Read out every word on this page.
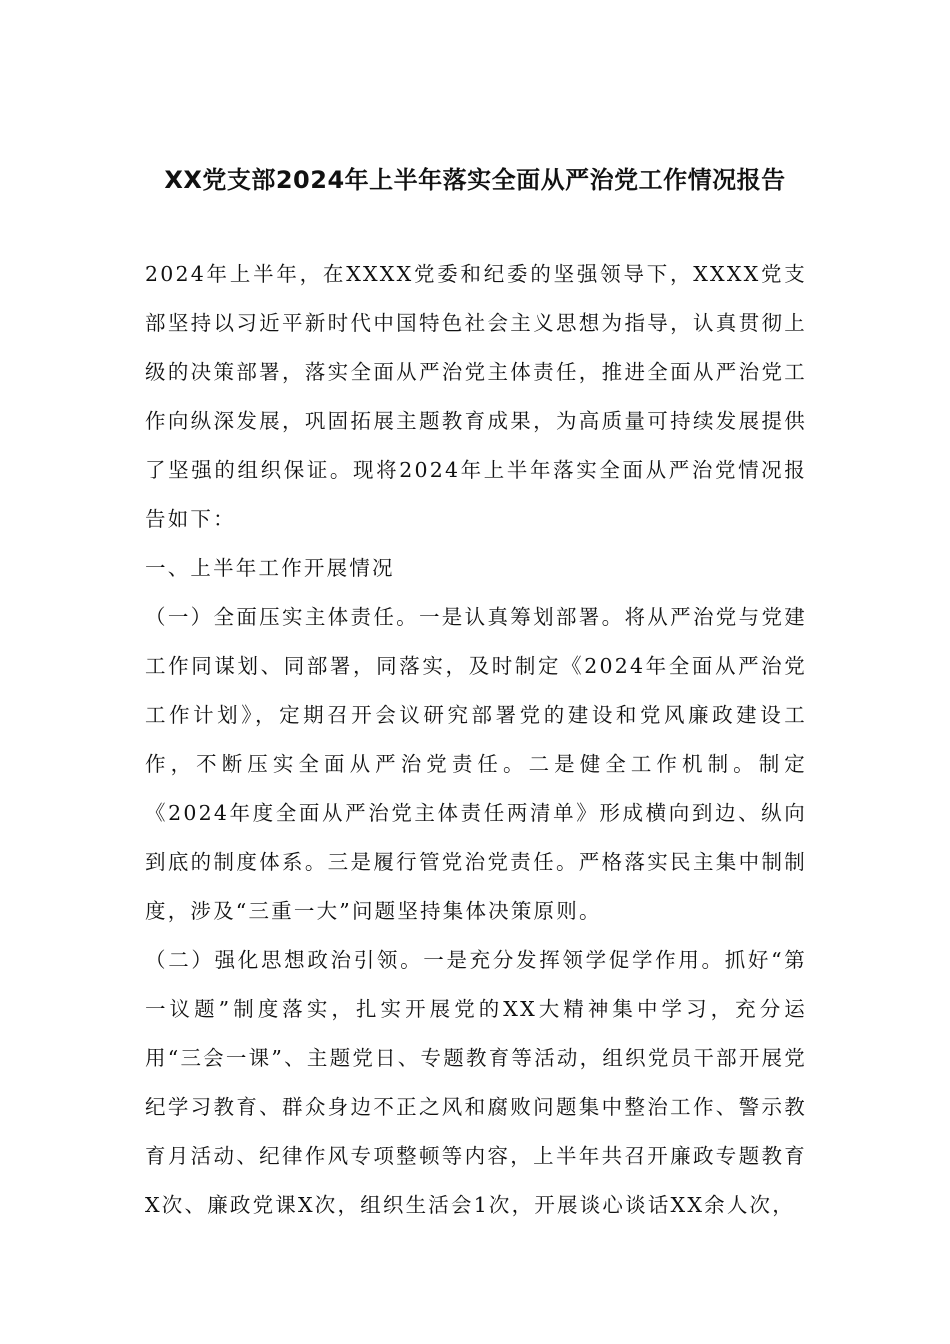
XX党支部2024年上半年落实全面从严治党工作情况报告

2024年上半年，在XXXX党委和纪委的坚强领导下，XXXX党支部坚持以习近平新时代中国特色社会主义思想为指导，认真贯彻上级的决策部署，落实全面从严治党主体责任，推进全面从严治党工作向纵深发展，巩固拓展主题教育成果，为高质量可持续发展提供了坚强的组织保证。现将2024年上半年落实全面从严治党情况报告如下：

一、上半年工作开展情况

（一）全面压实主体责任。一是认真筹划部署。将从严治党与党建工作同谋划、同部署，同落实，及时制定《2024年全面从严治党工作计划》，定期召开会议研究部署党的建设和党风廉政建设工作，不断压实全面从严治党责任。二是健全工作机制。制定《2024年度全面从严治党主体责任两清单》形成横向到边、纵向到底的制度体系。三是履行管党治党责任。严格落实民主集中制制度，涉及“三重一大”问题坚持集体决策原则。

（二）强化思想政治引领。一是充分发挥领学促学作用。抓好“第一议题”制度落实，扎实开展党的XX大精神集中学习，充分运用“三会一课”、主题党日、专题教育等活动，组织党员干部开展党纪学习教育、群众身边不正之风和腐败问题集中整治工作、警示教育月活动、纪律作风专项整顿等内容，上半年共召开廉政专题教育X次、廉政党课X次，组织生活会1次，开展谈心谈话XX余人次，
